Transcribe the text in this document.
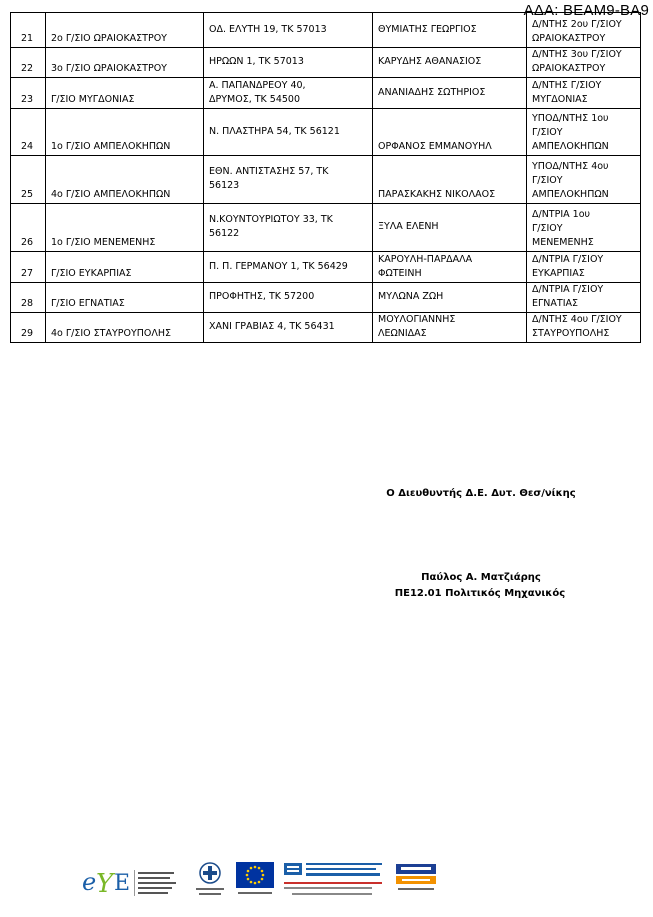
ΑΔΑ: ΒΕΑΜ9-ΒΑ9
21	2ο Γ/ΣΙΟ ΩΡΑΙΟΚΑΣΤΡΟΥ	ΟΔ. ΕΛΥΤΗ 19, ΤΚ 57013	ΘΥΜΙΑΤΗΣ ΓΕΩΡΓΙΟΣ	Δ/ΝΤΗΣ 2ου Γ/ΣΙΟΥ
ΩΡΑΙΟΚΑΣΤΡΟΥ

22	3ο Γ/ΣΙΟ ΩΡΑΙΟΚΑΣΤΡΟΥ	ΗΡΩΩΝ 1, ΤΚ 57013	ΚΑΡΥΔΗΣ ΑΘΑΝΑΣΙΟΣ	Δ/ΝΤΗΣ 3ου Γ/ΣΙΟΥ
ΩΡΑΙΟΚΑΣΤΡΟΥ

23	Γ/ΣΙΟ ΜΥΓΔΟΝΙΑΣ	Α. ΠΑΠΑΝΔΡΕΟΥ 40,
ΔΡΥΜΟΣ, ΤΚ 54500	ΑΝΑΝΙΑΔΗΣ ΣΩΤΗΡΙΟΣ	Δ/ΝΤΗΣ Γ/ΣΙΟΥ
ΜΥΓΔΟΝΙΑΣ

24	1ο Γ/ΣΙΟ ΑΜΠΕΛΟΚΗΠΩΝ	Ν. ΠΛΑΣΤΗΡΑ 54, ΤΚ 56121	ΟΡΦΑΝΟΣ ΕΜΜΑΝΟΥΗΛ	ΥΠΟΔ/ΝΤΗΣ 1ου
Γ/ΣΙΟΥ
ΑΜΠΕΛΟΚΗΠΩΝ

25	4ο Γ/ΣΙΟ ΑΜΠΕΛΟΚΗΠΩΝ	ΕΘΝ. ΑΝΤΙΣΤΑΣΗΣ 57, ΤΚ
56123	ΠΑΡΑΣΚΑΚΗΣ ΝΙΚΟΛΑΟΣ	ΥΠΟΔ/ΝΤΗΣ 4ου
Γ/ΣΙΟΥ
ΑΜΠΕΛΟΚΗΠΩΝ

26	1ο Γ/ΣΙΟ ΜΕΝΕΜΕΝΗΣ	Ν.ΚΟΥΝΤΟΥΡΙΩΤΟΥ 33, ΤΚ
56122	ΞΥΛΑ ΕΛΕΝΗ	Δ/ΝΤΡΙΑ 1ου
Γ/ΣΙΟΥ
ΜΕΝΕΜΕΝΗΣ

27	Γ/ΣΙΟ ΕΥΚΑΡΠΙΑΣ	Π. Π. ΓΕΡΜΑΝΟΥ 1, ΤΚ 56429	ΚΑΡΟΥΛΗ-ΠΑΡΔΑΛΑ
ΦΩΤΕΙΝΗ	Δ/ΝΤΡΙΑ Γ/ΣΙΟΥ
ΕΥΚΑΡΠΙΑΣ

28	Γ/ΣΙΟ ΕΓΝΑΤΙΑΣ	ΠΡΟΦΗΤΗΣ, ΤΚ 57200	ΜΥΛΩΝΑ ΖΩΗ	Δ/ΝΤΡΙΑ Γ/ΣΙΟΥ
ΕΓΝΑΤΙΑΣ

29	4ο Γ/ΣΙΟ ΣΤΑΥΡΟΥΠΟΛΗΣ	ΧΑΝΙ ΓΡΑΒΙΑΣ 4, ΤΚ 56431	ΜΟΥΛΟΓΙΑΝΝΗΣ
ΛΕΩΝΙΔΑΣ	Δ/ΝΤΗΣ 4ου Γ/ΣΙΟΥ
ΣΤΑΥΡΟΥΠΟΛΗΣ
Ο Διευθυντής Δ.Ε. Δυτ. Θεσ/νίκης
Παύλος Α. Ματζιάρης
ΠΕ12.01 Πολιτικός Μηχανικός
e Y E
